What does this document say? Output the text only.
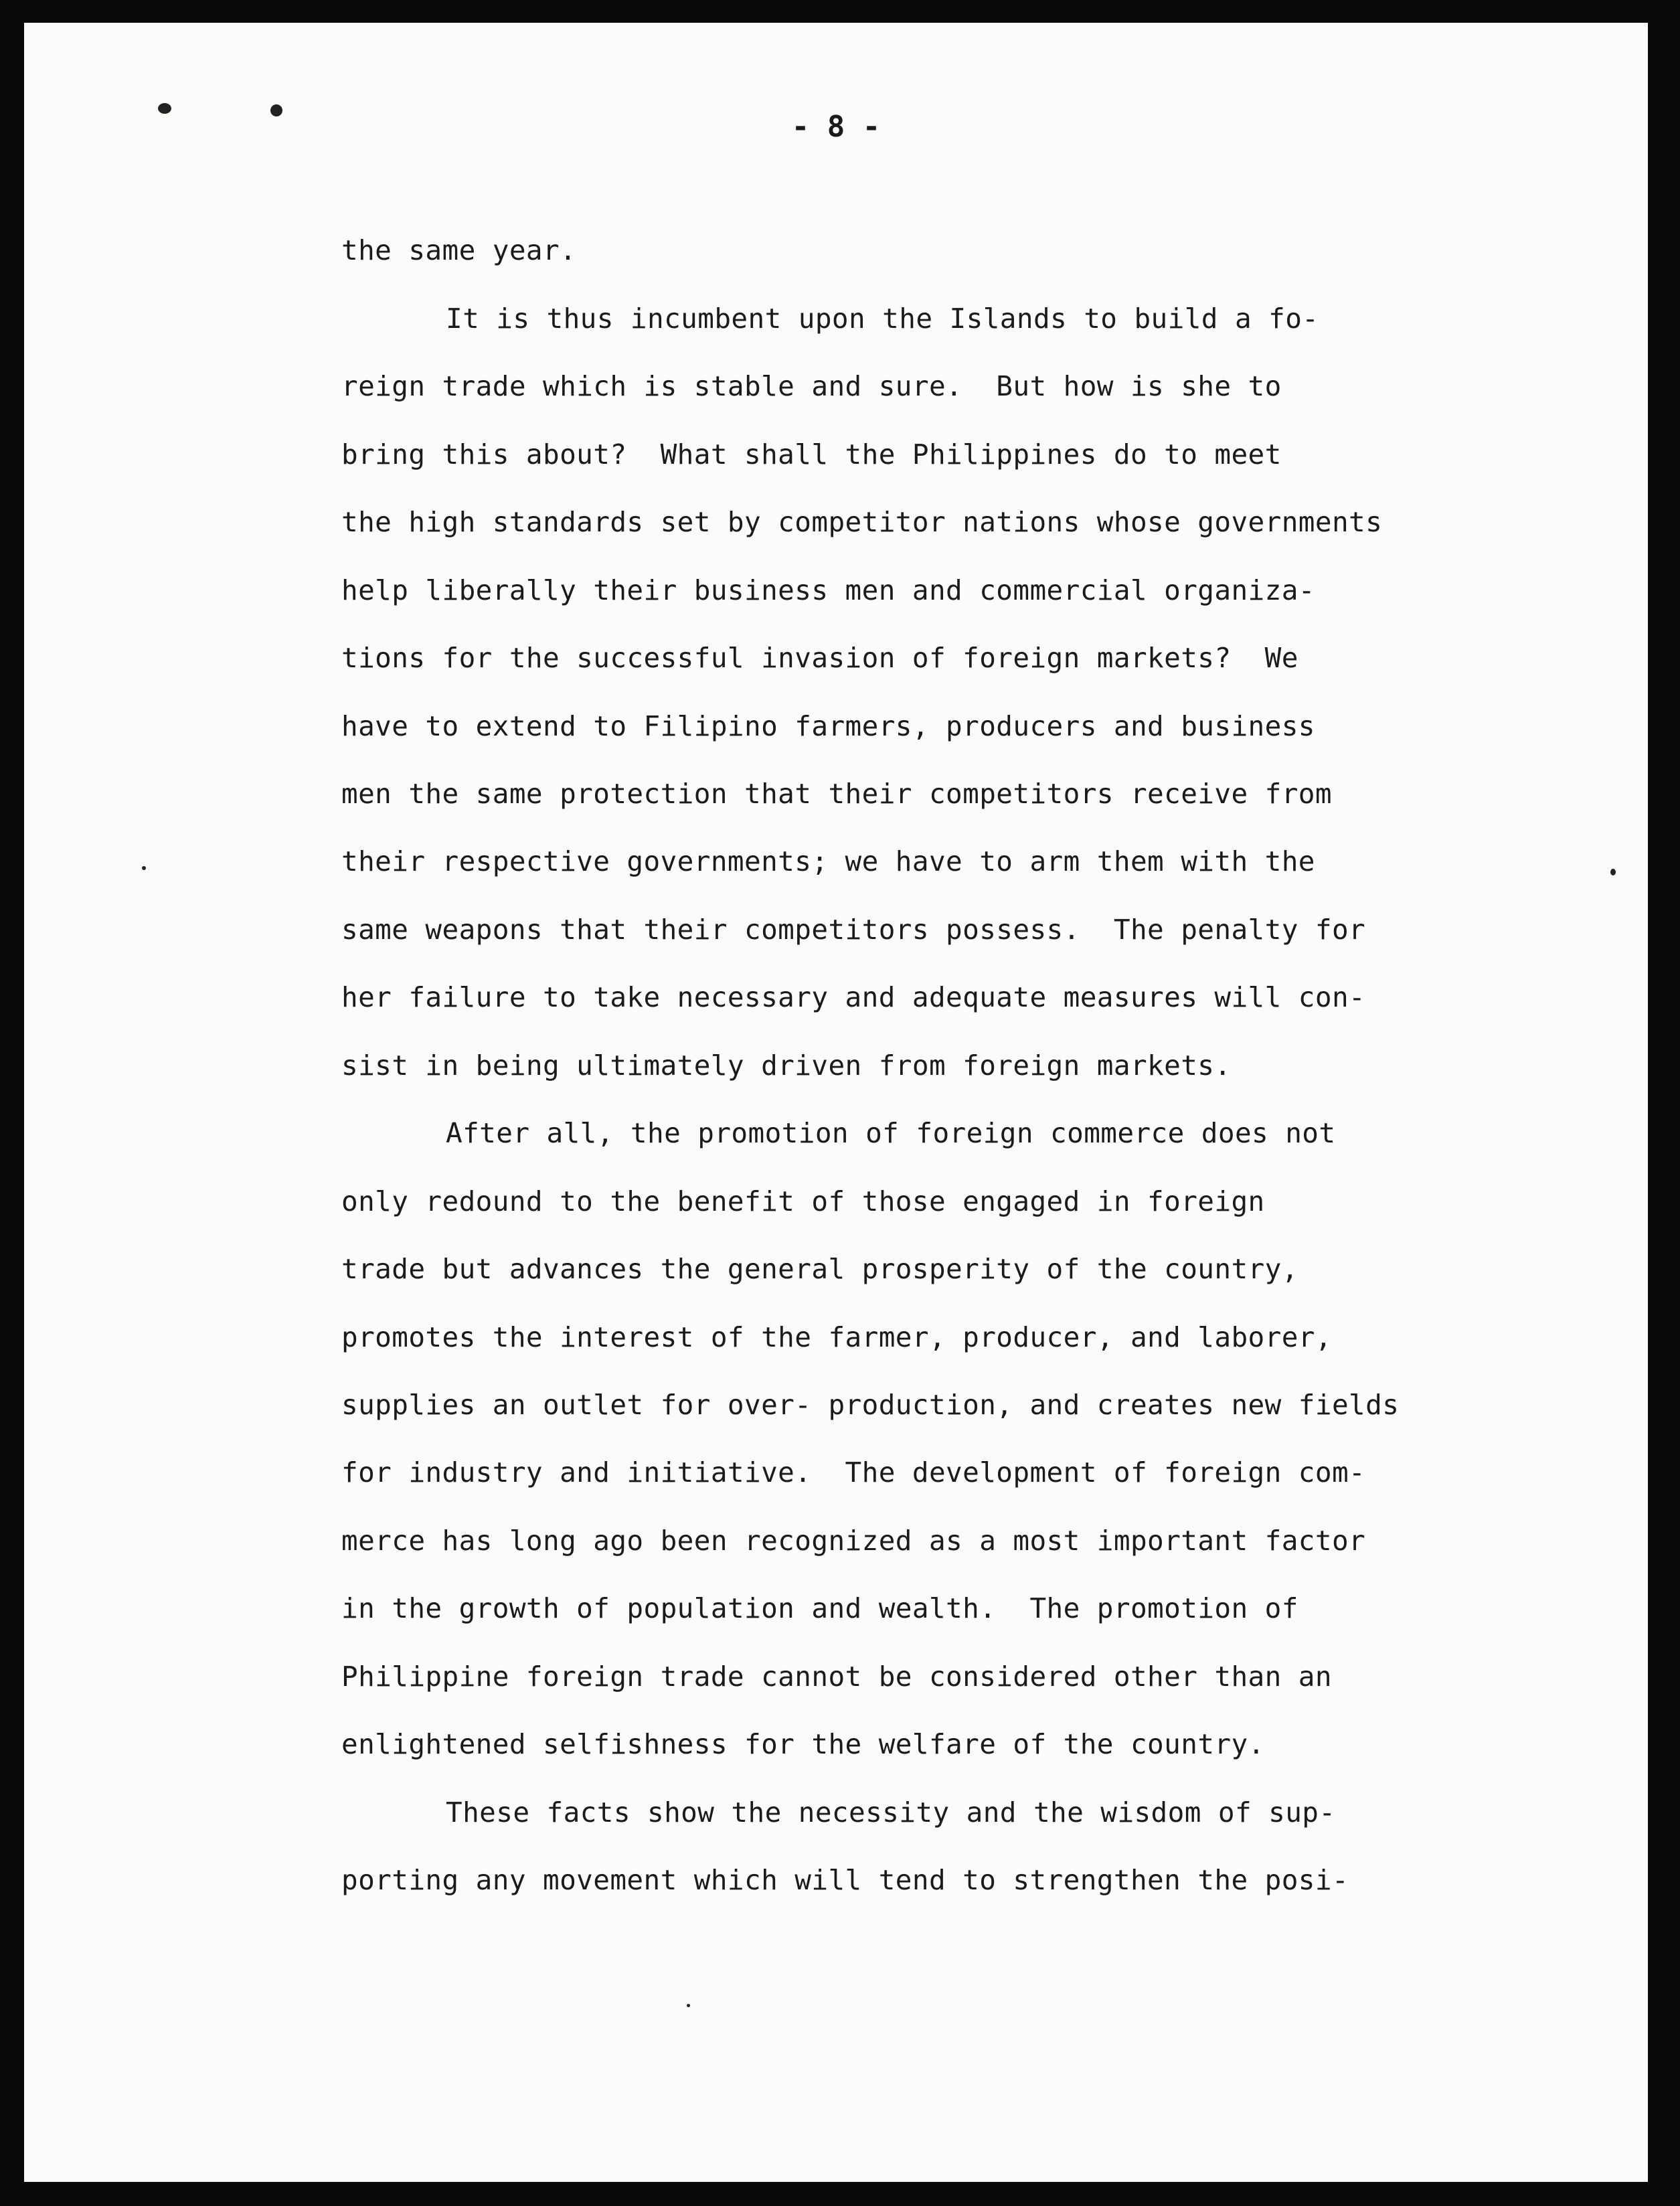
- 8 -

the same year.

It is thus incumbent upon the Islands to build a fo-

reign trade which is stable and sure.  But how is she to

bring this about?  What shall the Philippines do to meet

the high standards set by competitor nations whose governments

help liberally their business men and commercial organiza-

tions for the successful invasion of foreign markets?  We

have to extend to Filipino farmers, producers and business

men the same protection that their competitors receive from

their respective governments; we have to arm them with the

same weapons that their competitors possess.  The penalty for

her failure to take necessary and adequate measures will con-

sist in being ultimately driven from foreign markets.

After all, the promotion of foreign commerce does not

only redound to the benefit of those engaged in foreign

trade but advances the general prosperity of the country,

promotes the interest of the farmer, producer, and laborer,

supplies an outlet for over- production, and creates new fields

for industry and initiative.  The development of foreign com-

merce has long ago been recognized as a most important factor

in the growth of population and wealth.  The promotion of

Philippine foreign trade cannot be considered other than an

enlightened selfishness for the welfare of the country.

These facts show the necessity and the wisdom of sup-

porting any movement which will tend to strengthen the posi-
